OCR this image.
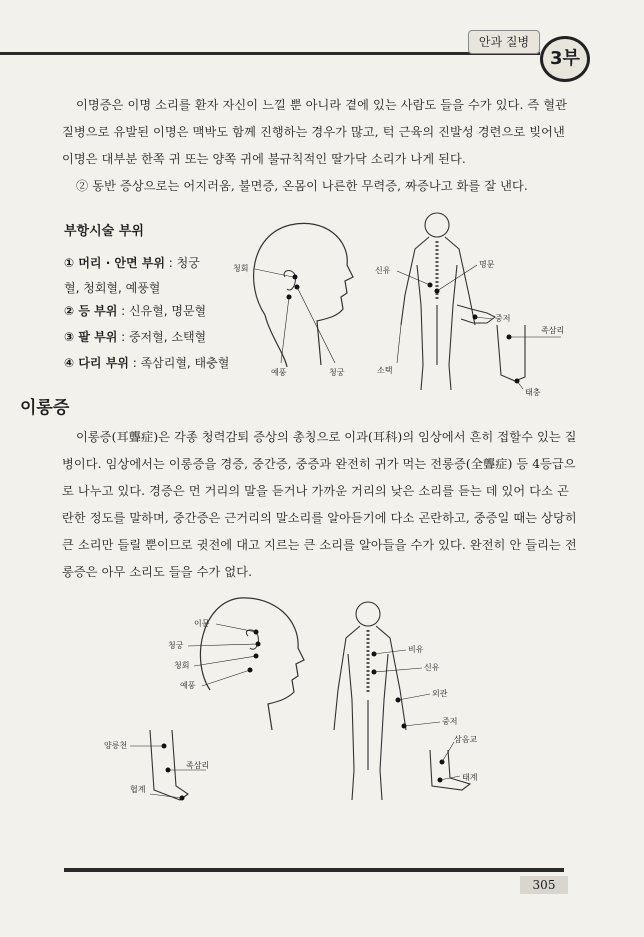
안과 질병
3부

이명증은 이명 소리를 환자 자신이 느낄 뿐 아니라 곁에 있는 사람도 들을 수가 있다. 즉 혈관질병으로 유발된 이명은 맥박도 함께 진행하는 경우가 많고, 턱 근육의 진발성 경련으로 빚어낸 이명은 대부분 한쪽 귀 또는 양쪽 귀에 불규칙적인 딸가닥 소리가 나게 된다.

② 동반 증상으로는 어지러움, 불면증, 온몸이 나른한 무력증, 짜증나고 화를 잘 낸다.

부항시술 부위
① 머리 · 안면 부위 : 청궁혈, 청회혈, 예풍혈
② 등 부위 : 신유혈, 명문혈
③ 팔 부위 : 중저혈, 소택혈
④ 다리 부위 : 족삼리혈, 태충혈
청회
예풍	청궁
신유
명문
중저
소택
족삼리
태충
이롱증

이롱증(耳聾症)은 각종 청력감퇴 증상의 총칭으로 이과(耳科)의 임상에서 흔히 접할수 있는 질병이다. 임상에서는 이롱증을 경증, 중간증, 중증과 완전히 귀가 먹는 전롱증(全聾症) 등 4등급으로 나누고 있다. 경증은 먼 거리의 말을 듣거나 가까운 거리의 낮은 소리를 듣는 데 있어 다소 곤란한 정도를 말하며, 중간증은 근거리의 말소리를 알아듣기에 다소 곤란하고, 중증일 때는 상당히 큰 소리만 들릴 뿐이므로 귓전에 대고 지르는 큰 소리를 알아들을 수가 있다. 완전히 안 들리는 전롱증은 아무 소리도 들을 수가 없다.

이문
청궁
청회
예풍
비유
신유
외관
중저
양릉천
족삼리
협계
삼음교
태계
305
